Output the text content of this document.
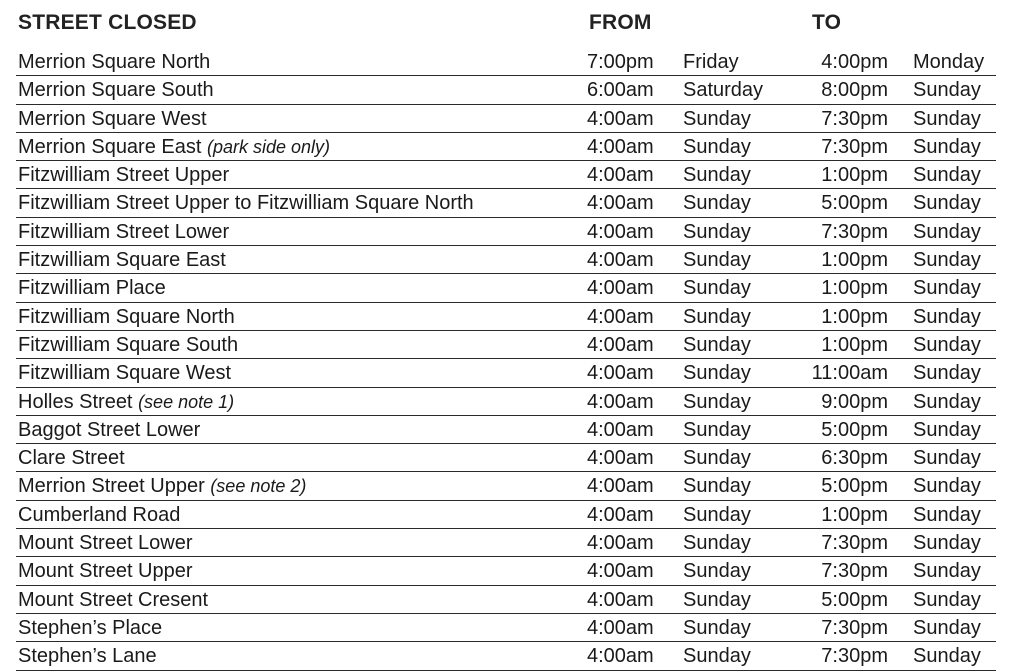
STREET CLOSED	FROM	TO
Merrion Square North	7:00pm Friday	4:00pm Monday
Merrion Square South	6:00am Saturday	8:00pm Sunday
Merrion Square West	4:00am Sunday	7:30pm Sunday
Merrion Square East (park side only)	4:00am Sunday	7:30pm Sunday
Fitzwilliam Street Upper	4:00am Sunday	1:00pm Sunday
Fitzwilliam Street Upper to Fitzwilliam Square North	4:00am Sunday	5:00pm Sunday
Fitzwilliam Street Lower	4:00am Sunday	7:30pm Sunday
Fitzwilliam Square East	4:00am Sunday	1:00pm Sunday
Fitzwilliam Place	4:00am Sunday	1:00pm Sunday
Fitzwilliam Square North	4:00am Sunday	1:00pm Sunday
Fitzwilliam Square South	4:00am Sunday	1:00pm Sunday
Fitzwilliam Square West	4:00am Sunday	11:00am Sunday
Holles Street (see note 1)	4:00am Sunday	9:00pm Sunday
Baggot Street Lower	4:00am Sunday	5:00pm Sunday
Clare Street	4:00am Sunday	6:30pm Sunday
Merrion Street Upper (see note 2)	4:00am Sunday	5:00pm Sunday
Cumberland Road	4:00am Sunday	1:00pm Sunday
Mount Street Lower	4:00am Sunday	7:30pm Sunday
Mount Street Upper	4:00am Sunday	7:30pm Sunday
Mount Street Cresent	4:00am Sunday	5:00pm Sunday
Stephen’s Place	4:00am Sunday	7:30pm Sunday
Stephen’s Lane	4:00am Sunday	7:30pm Sunday
